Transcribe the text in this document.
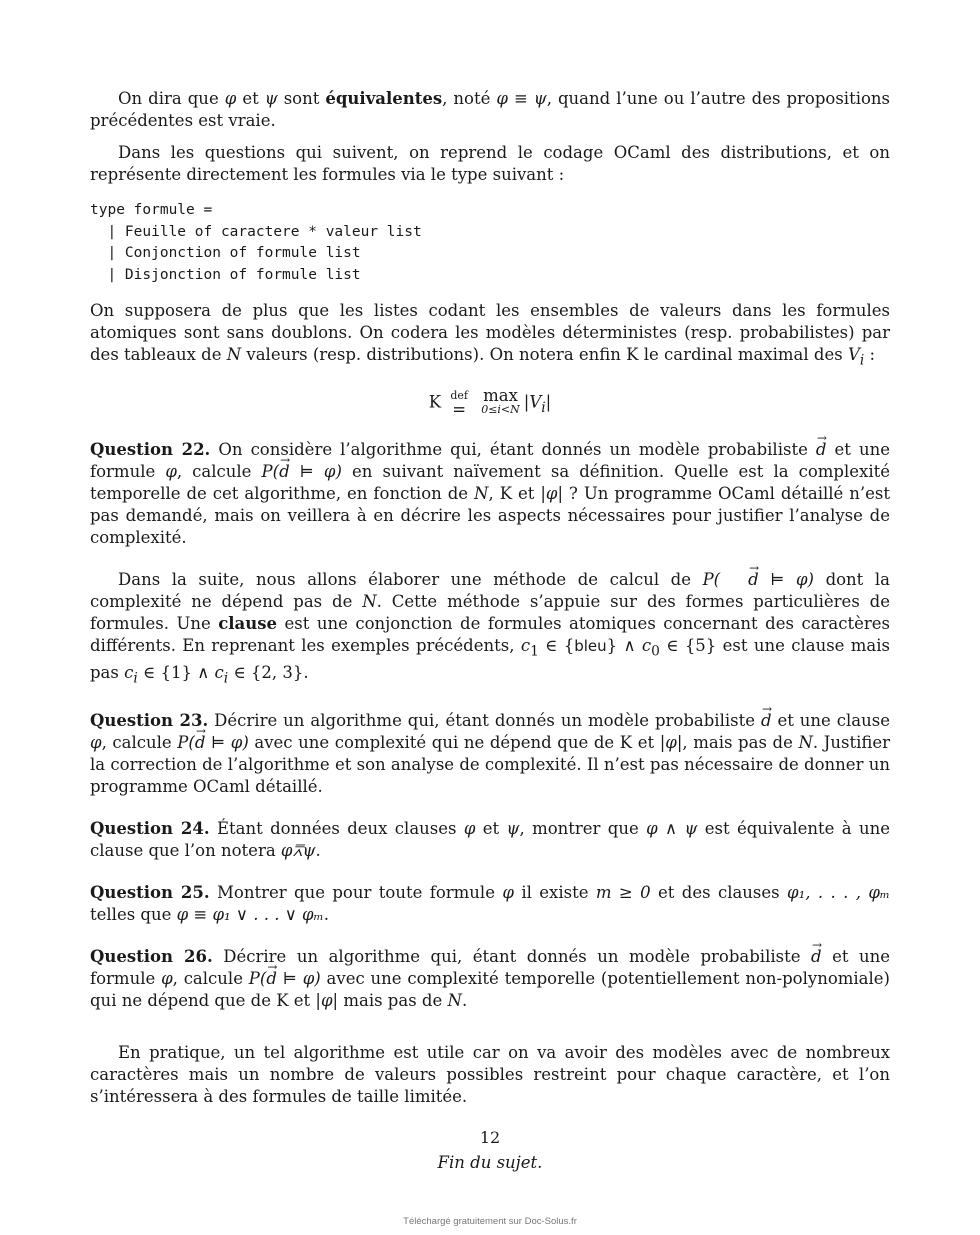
On dira que φ et ψ sont équivalentes, noté φ ≡ ψ, quand l’une ou l’autre des propositions précédentes est vraie.

Dans les questions qui suivent, on reprend le codage OCaml des distributions, et on représente directement les formules via le type suivant :

type formule =
| Feuille of caractere * valeur list
| Conjonction of formule list
| Disjonction of formule list

On supposera de plus que les listes codant les ensembles de valeurs dans les formules atomiques sont sans doublons. On codera les modèles déterministes (resp. probabilistes) par des tableaux de N valeurs (resp. distributions). On notera enfin K le cardinal maximal des $V_i$ :

K def
=

max
0≤i<N $|V_i|$

Question 22. On considère l’algorithme qui, étant donnés un modèle probabiliste → d et une formule φ, calcule P(→ d ⊨ φ) en suivant naïvement sa définition. Quelle est la complexité temporelle de cet algorithme, en fonction de N, K et |φ| ? Un programme OCaml détaillé n’est pas demandé, mais on veillera à en décrire les aspects nécessaires pour justifier l’analyse de complexité.

Dans la suite, nous allons élaborer une méthode de calcul de P(→ d ⊨ φ) dont la complexité ne dépend pas de N. Cette méthode s’appuie sur des formes particulières de formules. Une clause est une conjonction de formules atomiques concernant des caractères différents. En reprenant les exemples précédents, $c_1$ ∈ {bleu} ∧ $c_0$ ∈ {5} est une clause mais pas $c_i$ ∈ {1} ∧ $c_i$ ∈ {2, 3}.

Question 23. Décrire un algorithme qui, étant donnés un modèle probabiliste → d et une clause φ, calcule P(→ d ⊨ φ) avec une complexité qui ne dépend que de K et |φ|, mais pas de N. Justifier la correction de l’algorithme et son analyse de complexité. Il n’est pas nécessaire de donner un programme OCaml détaillé.

Question 24. Étant données deux clauses φ et ψ, montrer que φ ∧ ψ est équivalente à une clause que l’on notera φ⩞ψ.

Question 25. Montrer que pour toute formule φ il existe m ≥ 0 et des clauses φ₁, . . . , φₘ telles que φ ≡ φ₁ ∨ . . . ∨ φₘ.

Question 26. Décrire un algorithme qui, étant donnés un modèle probabiliste → d et une formule φ, calcule P(→ d ⊨ φ) avec une complexité temporelle (potentiellement non-polynomiale) qui ne dépend que de K et |φ| mais pas de N.

En pratique, un tel algorithme est utile car on va avoir des modèles avec de nombreux caractères mais un nombre de valeurs possibles restreint pour chaque caractère, et l’on s’intéressera à des formules de taille limitée.

Fin du sujet.

12
Téléchargé gratuitement sur Doc-Solus.fr
